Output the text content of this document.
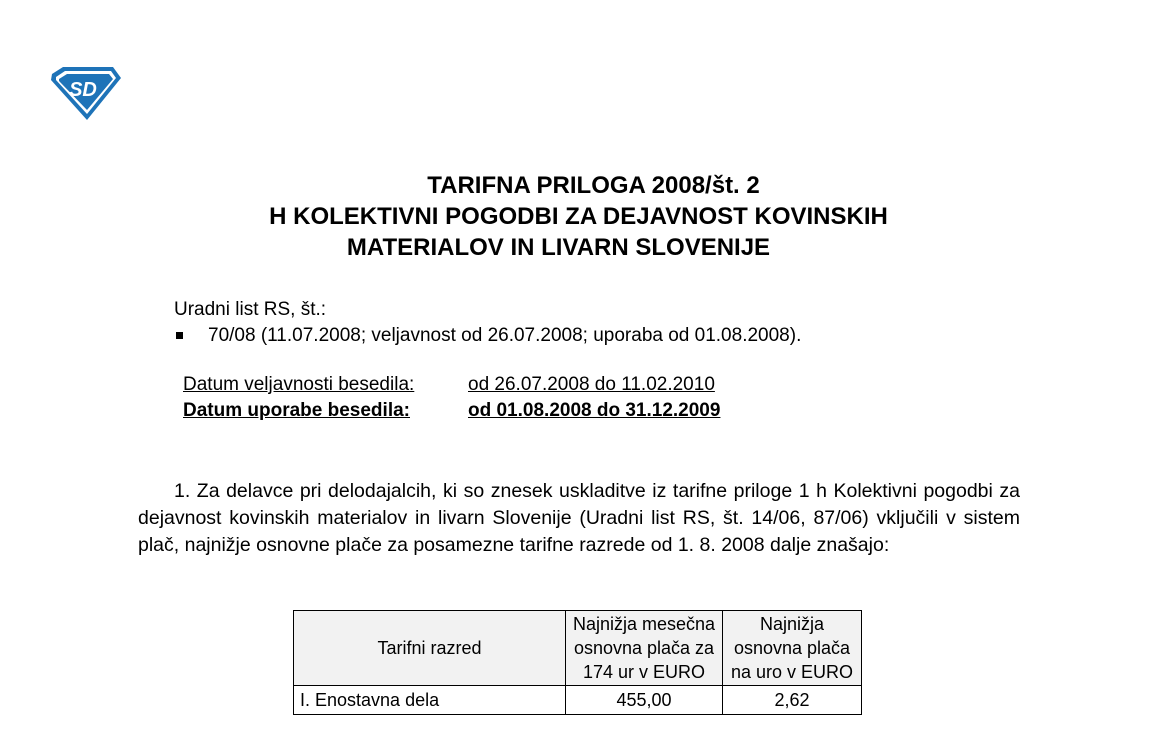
SD
TARIFNA PRILOGA 2008/št. 2
H KOLEKTIVNI POGODBI ZA DEJAVNOST KOVINSKIH
MATERIALOV IN LIVARN SLOVENIJE
Uradni list RS, št.:
70/08 (11.07.2008; veljavnost od 26.07.2008; uporaba od 01.08.2008).
Datum veljavnosti besedila:	od 26.07.2008 do 11.02.2010
Datum uporabe besedila:	od 01.08.2008 do 31.12.2009

1. Za delavce pri delodajalcih, ki so znesek uskladitve iz tarifne priloge 1 h Kolektivni pogodbi za dejavnost kovinskih materialov in livarn Slovenije (Uradni list RS, št. 14/06, 87/06) vključili v sistem plač, najnižje osnovne plače za posamezne tarifne razrede od 1. 8. 2008 dalje znašajo:

Tarifni razred	Najnižja mesečna osnovna plača za 174 ur v EURO	Najnižja osnovna plača na uro v EURO
I. Enostavna dela	455,00	2,62
